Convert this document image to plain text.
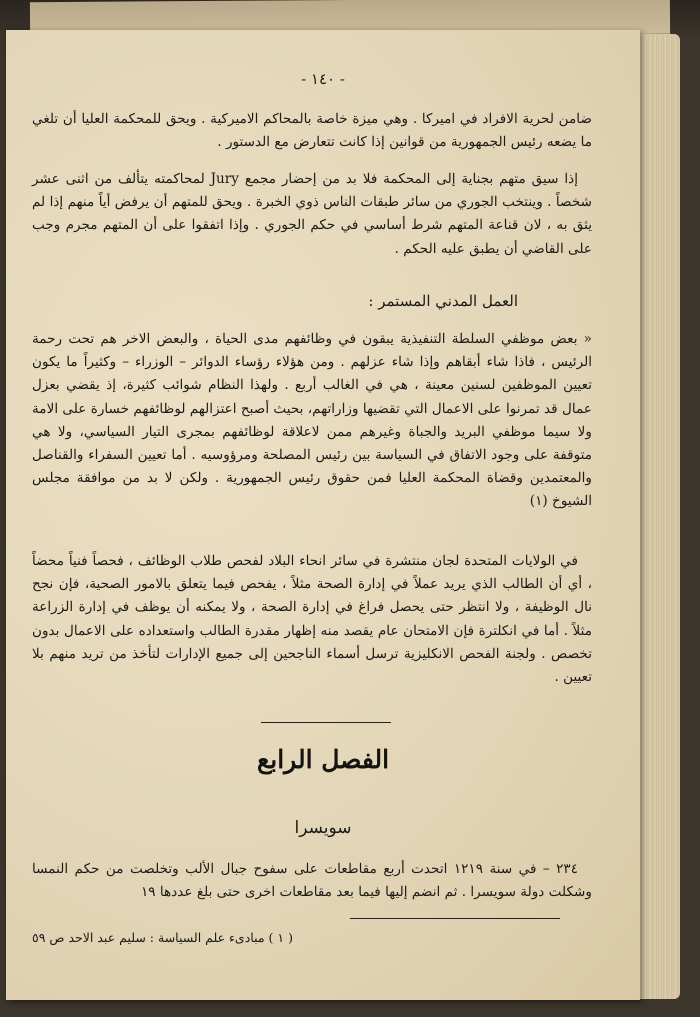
- ١٤٠ -

ضامن لحرية الافراد في اميركا . وهي ميزة خاصة بالمحاكم الاميركية . ويحق للمحكمة العليا أن تلغي ما يضعه رئيس الجمهورية من قوانين إذا كانت تتعارض مع الدستور .

إذا سيق متهم بجناية إلى المحكمة فلا بد من إحضار مجمع Jury لمحاكمته يتألف من اثنى عشر شخصاً . وينتخب الجوري من سائر طبقات الناس ذوي الخبرة . ويحق للمتهم أن يرفض أياً منهم إذا لم يثق به ، لان قناعة المتهم شرط أساسي في حكم الجوري . وإذا اتفقوا على أن المتهم مجرم وجب على القاضي أن يطبق عليه الحكم .

العمل المدني المستمر :

« بعض موظفي السلطة التنفيذية يبقون في وظائفهم مدى الحياة ، والبعض الاخر هم تحت رحمة الرئيس ، فاذا شاء أبقاهم وإذا شاء عزلهم . ومن هؤلاء رؤساء الدوائر – الوزراء – وكثيراً ما يكون تعيين الموظفين لسنين معينة ، هي في الغالب أربع . ولهذا النظام شوائب كثيرة، إذ يقضي بعزل عمال قد تمرنوا على الاعمال التي تقضيها وزاراتهم، بحيث أصبح اعتزالهم لوظائفهم خسارة على الامة ولا سيما موظفي البريد والجباة وغيرهم ممن لاعلاقة لوظائفهم بمجرى التيار السياسي، ولا هي متوقفة على وجود الاتفاق في السياسة بين رئيس المصلحة ومرؤوسيه . أما تعيين السفراء والقناصل والمعتمدين وقضاة المحكمة العليا فمن حقوق رئيس الجمهورية . ولكن لا بد من موافقة مجلس الشيوخ (١)

في الولايات المتحدة لجان منتشرة في سائر انحاء البلاد لفحص طلاب الوظائف ، فحصاً فنياً محضاً ، أي أن الطالب الذي يريد عملاً في إدارة الصحة مثلاً ، يفحص فيما يتعلق بالامور الصحية، فإن نجح نال الوظيفة ، ولا انتظر حتى يحصل فراغ في إدارة الصحة ، ولا يمكنه أن يوظف في إدارة الزراعة مثلاً . أما في انكلترة فإن الامتحان عام يقصد منه إظهار مقدرة الطالب واستعداده على الاعمال بدون تخصص . ولجنة الفحص الانكليزية ترسل أسماء الناجحين إلى جميع الإدارات لتأخذ من تريد منهم بلا تعيين .

الفصل الرابع
سويسرا

٢٣٤ – في سنة ١٢١٩ اتحدت أربع مقاطعات على سفوح جبال الألب وتخلصت من حكم النمسا وشكلت دولة سويسرا . ثم انضم إليها فيما بعد مقاطعات اخرى حتى بلغ عددها ١٩

( ١ ) مبادىء علم السياسة : سليم عبد الاحد ص ٥٩
